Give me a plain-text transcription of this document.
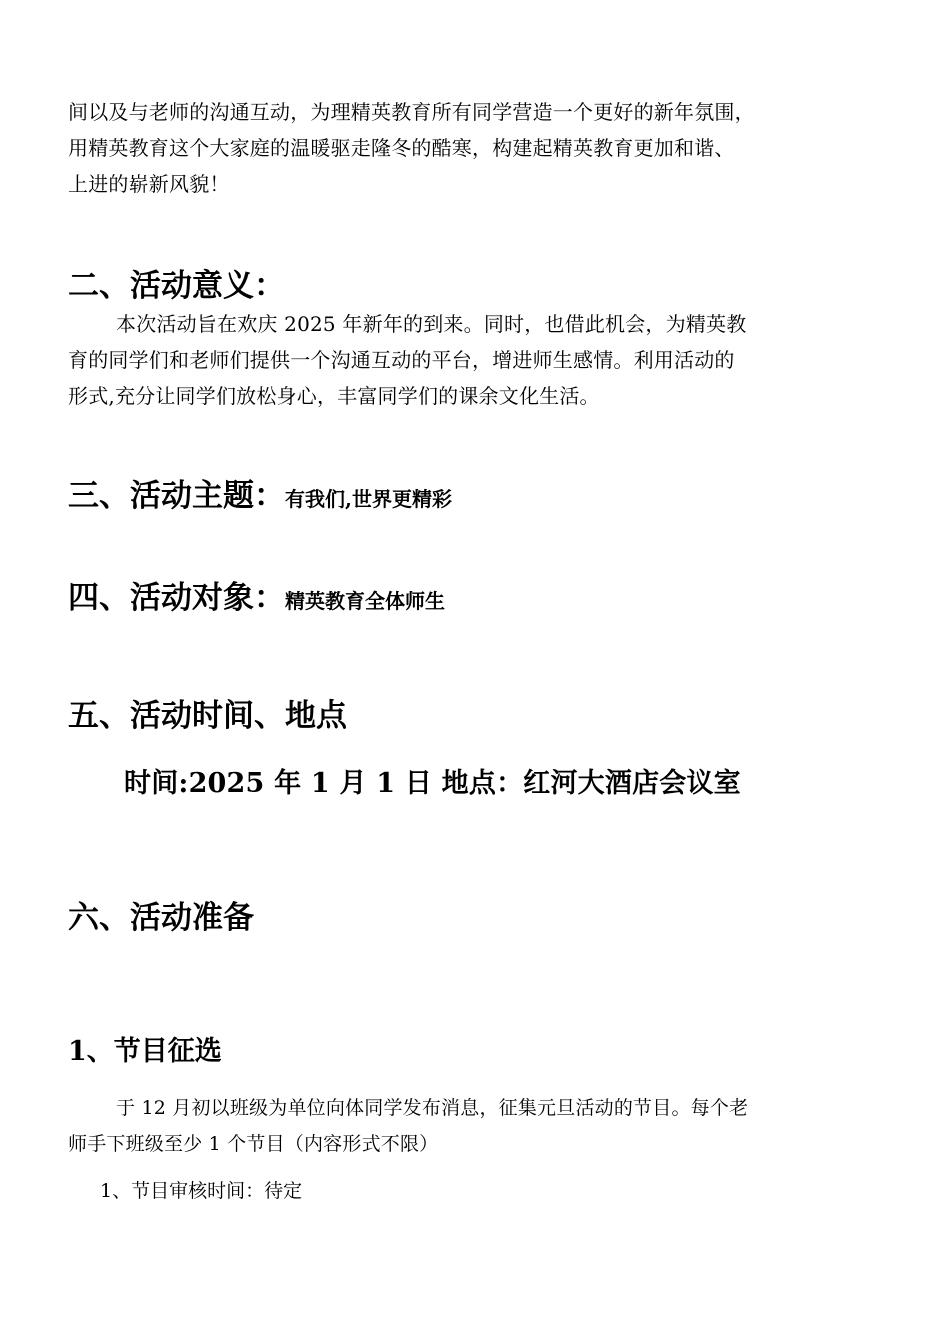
间以及与老师的沟通互动，为理精英教育所有同学营造一个更好的新年氛围，

用精英教育这个大家庭的温暖驱走隆冬的酷寒，构建起精英教育更加和谐、

上进的崭新风貌！

二、活动意义：

本次活动旨在欢庆 2025 年新年的到来。同时，也借此机会，为精英教

育的同学们和老师们提供一个沟通互动的平台，增进师生感情。利用活动的

形式,充分让同学们放松身心，丰富同学们的课余文化生活。

三、活动主题：有我们,世界更精彩
四、活动对象：精英教育全体师生
五、活动时间、地点

时间:2025 年 1 月 1 日 地点：红河大酒店会议室

六、活动准备
1、节目征选

于 12 月初以班级为单位向体同学发布消息，征集元旦活动的节目。每个老

师手下班级至少 1 个节目（内容形式不限）

1、节目审核时间：待定
